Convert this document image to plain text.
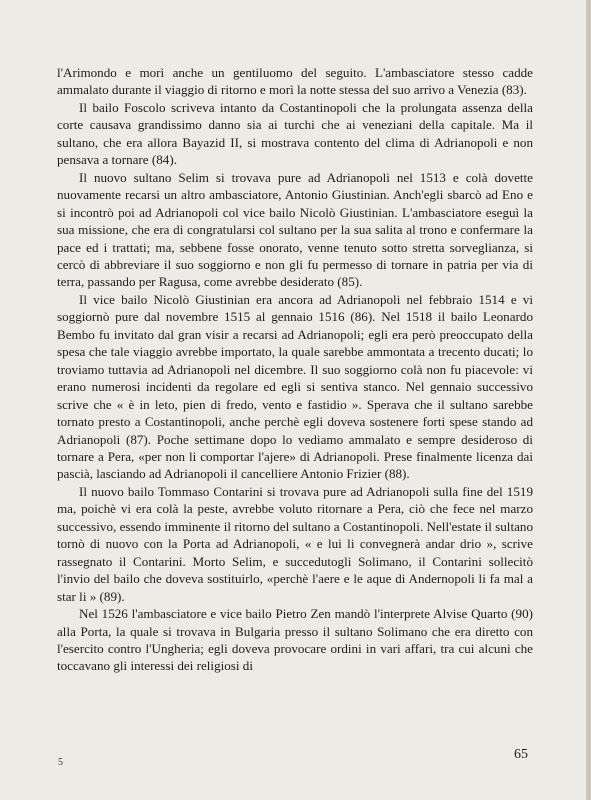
l'Arimondo e morì anche un gentiluomo del seguito. L'ambasciatore stesso cadde ammalato durante il viaggio di ritorno e morì la notte stessa del suo arrivo a Venezia (83).

Il bailo Foscolo scriveva intanto da Costantinopoli che la prolungata assenza della corte causava grandissimo danno sia ai turchi che ai veneziani della capitale. Ma il sultano, che era allora Bayazid II, si mostrava contento del clima di Adrianopoli e non pensava a tornare (84).

Il nuovo sultano Selim si trovava pure ad Adrianopoli nel 1513 e colà dovette nuovamente recarsi un altro ambasciatore, Antonio Giustinian. Anch'egli sbarcò ad Eno e si incontrò poi ad Adrianopoli col vice bailo Nicolò Giustinian. L'ambasciatore eseguì la sua missione, che era di congratularsi col sultano per la sua salita al trono e confermare la pace ed i trattati; ma, sebbene fosse onorato, venne tenuto sotto stretta sorveglianza, si cercò di abbreviare il suo soggiorno e non gli fu permesso di tornare in patria per via di terra, passando per Ragusa, come avrebbe desiderato (85).

Il vice bailo Nicolò Giustinian era ancora ad Adrianopoli nel febbraio 1514 e vi soggiornò pure dal novembre 1515 al gennaio 1516 (86). Nel 1518 il bailo Leonardo Bembo fu invitato dal gran visir a recarsi ad Adrianopoli; egli era però preoccupato della spesa che tale viaggio avrebbe importato, la quale sarebbe ammontata a trecento ducati; lo troviamo tuttavia ad Adrianopoli nel dicembre. Il suo soggiorno colà non fu piacevole: vi erano numerosi incidenti da regolare ed egli si sentiva stanco. Nel gennaio successivo scrive che « è in leto, pien di fredo, vento e fastidio ». Sperava che il sultano sarebbe tornato presto a Costantinopoli, anche perchè egli doveva sostenere forti spese stando ad Adrianopoli (87). Poche settimane dopo lo vediamo ammalato e sempre desideroso di tornare a Pera, «per non li comportar l'ajere» di Adrianopoli. Prese finalmente licenza dai pascià, lasciando ad Adrianopoli il cancelliere Antonio Frizier (88).

Il nuovo bailo Tommaso Contarini si trovava pure ad Adrianopoli sulla fine del 1519 ma, poichè vi era colà la peste, avrebbe voluto ritornare a Pera, ciò che fece nel marzo successivo, essendo imminente il ritorno del sultano a Costantinopoli. Nell'estate il sultano tornò di nuovo con la Porta ad Adrianopoli, « e lui li convegnerà andar drio », scrive rassegnato il Contarini. Morto Selim, e succedutogli Solimano, il Contarini sollecitò l'invio del bailo che doveva sostituirlo, «perchè l'aere e le aque di Andernopoli li fa mal a star li » (89).

Nel 1526 l'ambasciatore e vice bailo Pietro Zen mandò l'interprete Alvise Quarto (90) alla Porta, la quale si trovava in Bulgaria presso il sultano Solimano che era diretto con l'esercito contro l'Ungheria; egli doveva provocare ordini in vari affari, tra cui alcuni che toccavano gli interessi dei religiosi di

5
65
